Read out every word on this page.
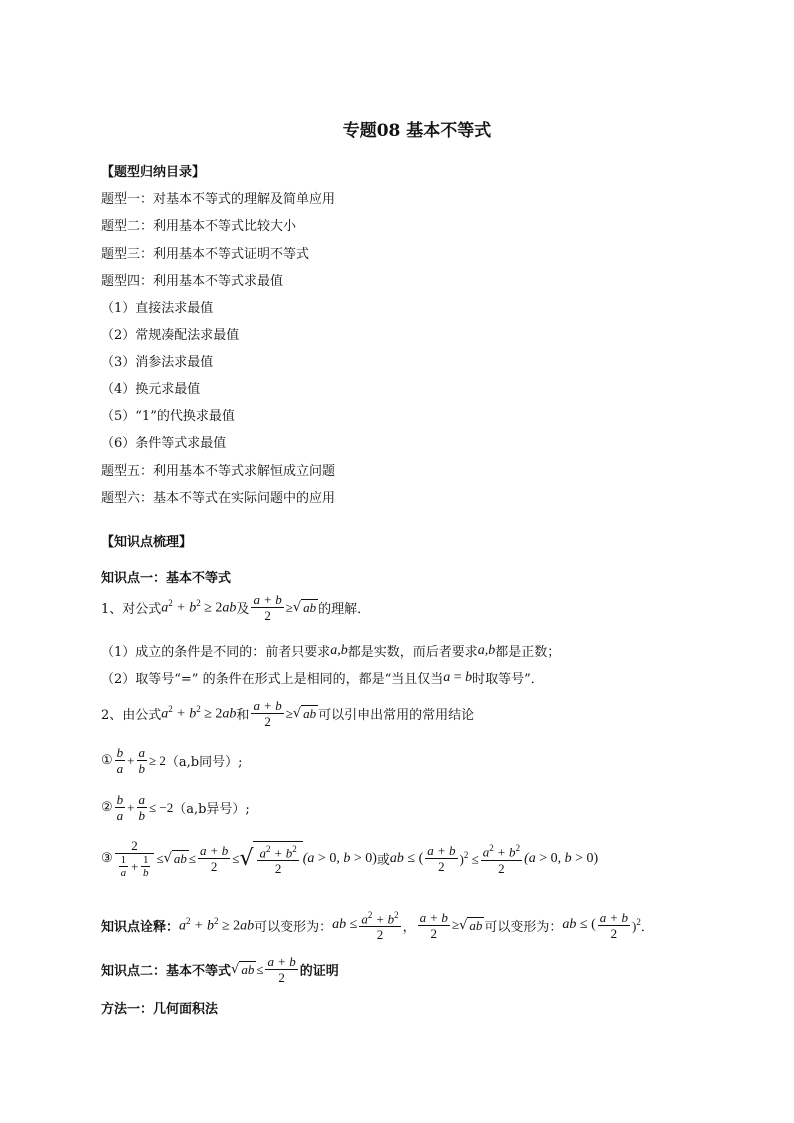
专题08 基本不等式
【题型归纳目录】
题型一：对基本不等式的理解及简单应用
题型二：利用基本不等式比较大小
题型三：利用基本不等式证明不等式
题型四：利用基本不等式求最值
（1）直接法求最值
（2）常规凑配法求最值
（3）消参法求最值
（4）换元求最值
（5）“1”的代换求最值
（6）条件等式求最值
题型五：利用基本不等式求解恒成立问题
题型六：基本不等式在实际问题中的应用
【知识点梳理】
知识点一：基本不等式
1、对公式 $a^2 + b^2 \ge 2ab$ 及 $\frac{a + b}{2}$ ≥ √ ab 的理解．
（1）成立的条件是不同的：前者只要求 a,b 都是实数，而后者要求 a,b 都是正数；
（2）取等号“=” 的条件在形式上是相同的，都是“当且仅当 a = b 时取等号”．
2、由公式 $a^2 + b^2 \ge 2ab$ 和 $\frac{a + b}{2}$ ≥ √ ab 可以引申出常用的常用结论
① $\frac{b}{a} + \frac{a}{b} \ge 2$ （a,b同号）;
② $\frac{b}{a} + \frac{a}{b} \le -2$ （a,b异号）;
③ $\frac{2}{\frac{1}{a} + \frac{1}{b}}$ ≤ √ ab ≤ $\frac{a + b}{2}$ ≤ √ $\frac{a^2 + b^2}{2} (a > 0$, b > 0) 或 ab ≤ ( $\frac{a + b}{2} )^2 \le \frac{a^2 + b^2}{2} (a > 0$, b > 0)
知识点诠释： $a^2 + b^2 \ge 2ab$ 可以变形为： ab ≤ $\frac{a^2 + b^2}{2}$ ， $\frac{a + b}{2}$ ≥ √ ab 可以变形为： ab ≤ ( $\frac{a + b}{2} )^2$ ．
知识点二：基本不等式 √ ab ≤ $\frac{a + b}{2}$ 的证明
方法一：几何面积法
